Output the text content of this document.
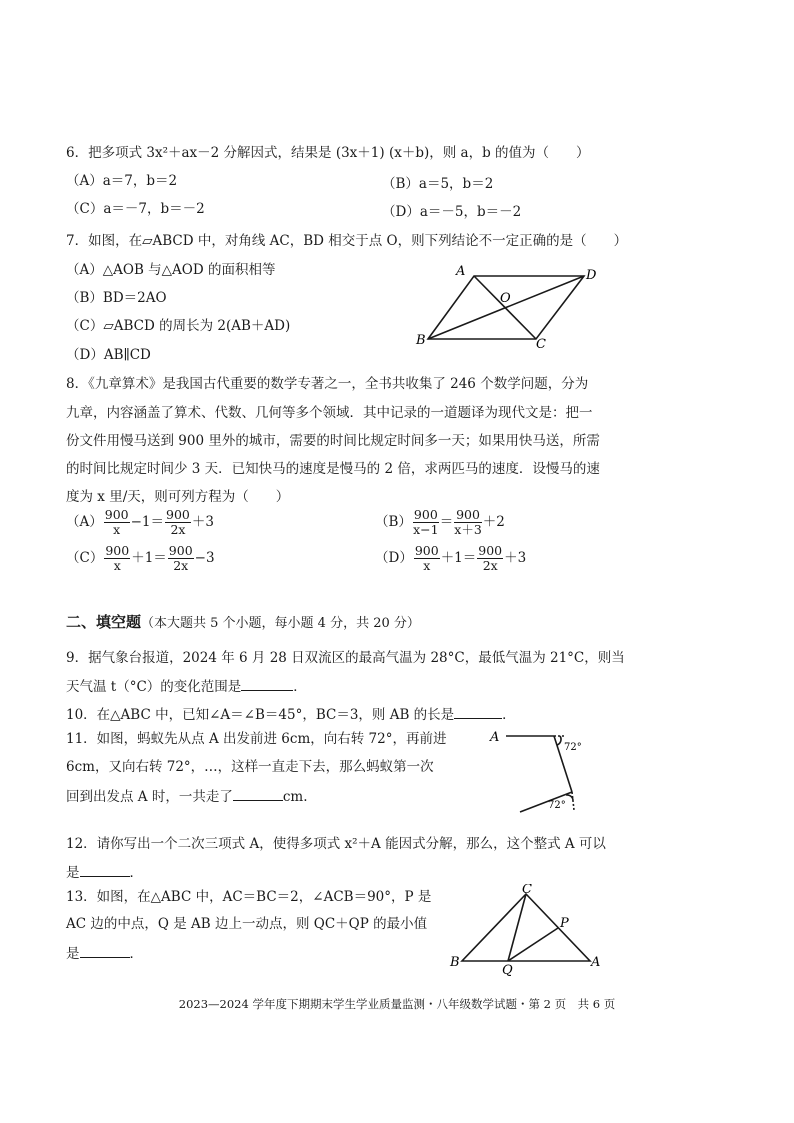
6．把多项式 3x²＋ax－2 分解因式，结果是 (3x＋1) (x＋b)，则 a，b 的值为（　　）
（A）a＝7，b＝2	（B）a＝5，b＝2
（C）a＝－7，b＝－2	（D）a＝－5，b＝－2
7．如图，在▱ABCD 中，对角线 AC，BD 相交于点 O，则下列结论不一定正确的是（　　）
（A）△AOB 与△AOD 的面积相等
（B）BD＝2AO
（C）▱ABCD 的周长为 2(AB＋AD)
（D）AB∥CD
A	D
O
B	C
8．《九章算术》是我国古代重要的数学专著之一，全书共收集了 246 个数学问题，分为
九章，内容涵盖了算术、代数、几何等多个领域．其中记录的一道题译为现代文是：把一
份文件用慢马送到 900 里外的城市，需要的时间比规定时间多一天；如果用快马送，所需
的时间比规定时间少 3 天．已知快马的速度是慢马的 2 倍，求两匹马的速度．设慢马的速
度为 x 里/天，则可列方程为（　　）
$(A) \frac{900}{x} -1= \frac{900}{2x} +3$	$(B) \frac{900}{x-1} = \frac{900}{x+3} +2$
$(C) \frac{900}{x} +1= \frac{900}{2x} -3$	$(D) \frac{900}{x} +1= \frac{900}{2x} +3$
二、填空题（本大题共 5 个小题，每小题 4 分，共 20 分）
9．据气象台报道，2024 年 6 月 28 日双流区的最高气温为 28°C，最低气温为 21°C，则当
天气温 t（°C）的变化范围是	．
10．在△ABC 中，已知∠A＝∠B＝45°，BC＝3，则 AB 的长是	．
11．如图，蚂蚁先从点 A 出发前进 6cm，向右转 72°，再前进
6cm，又向右转 72°，…，这样一直走下去，那么蚂蚁第一次
回到出发点 A 时，一共走了	cm.
A
72°
72°
12．请你写出一个二次三项式 A，使得多项式 x²＋A 能因式分解，那么，这个整式 A 可以
是	．
13．如图，在△ABC 中，AC＝BC＝2，∠ACB＝90°，P 是
AC 边的中点，Q 是 AB 边上一动点，则 QC＋QP 的最小值
是	．
C
B	A
P
Q
2023—2024 学年度下期期末学生学业质量监测・八年级数学试题・第 2 页　共 6 页
